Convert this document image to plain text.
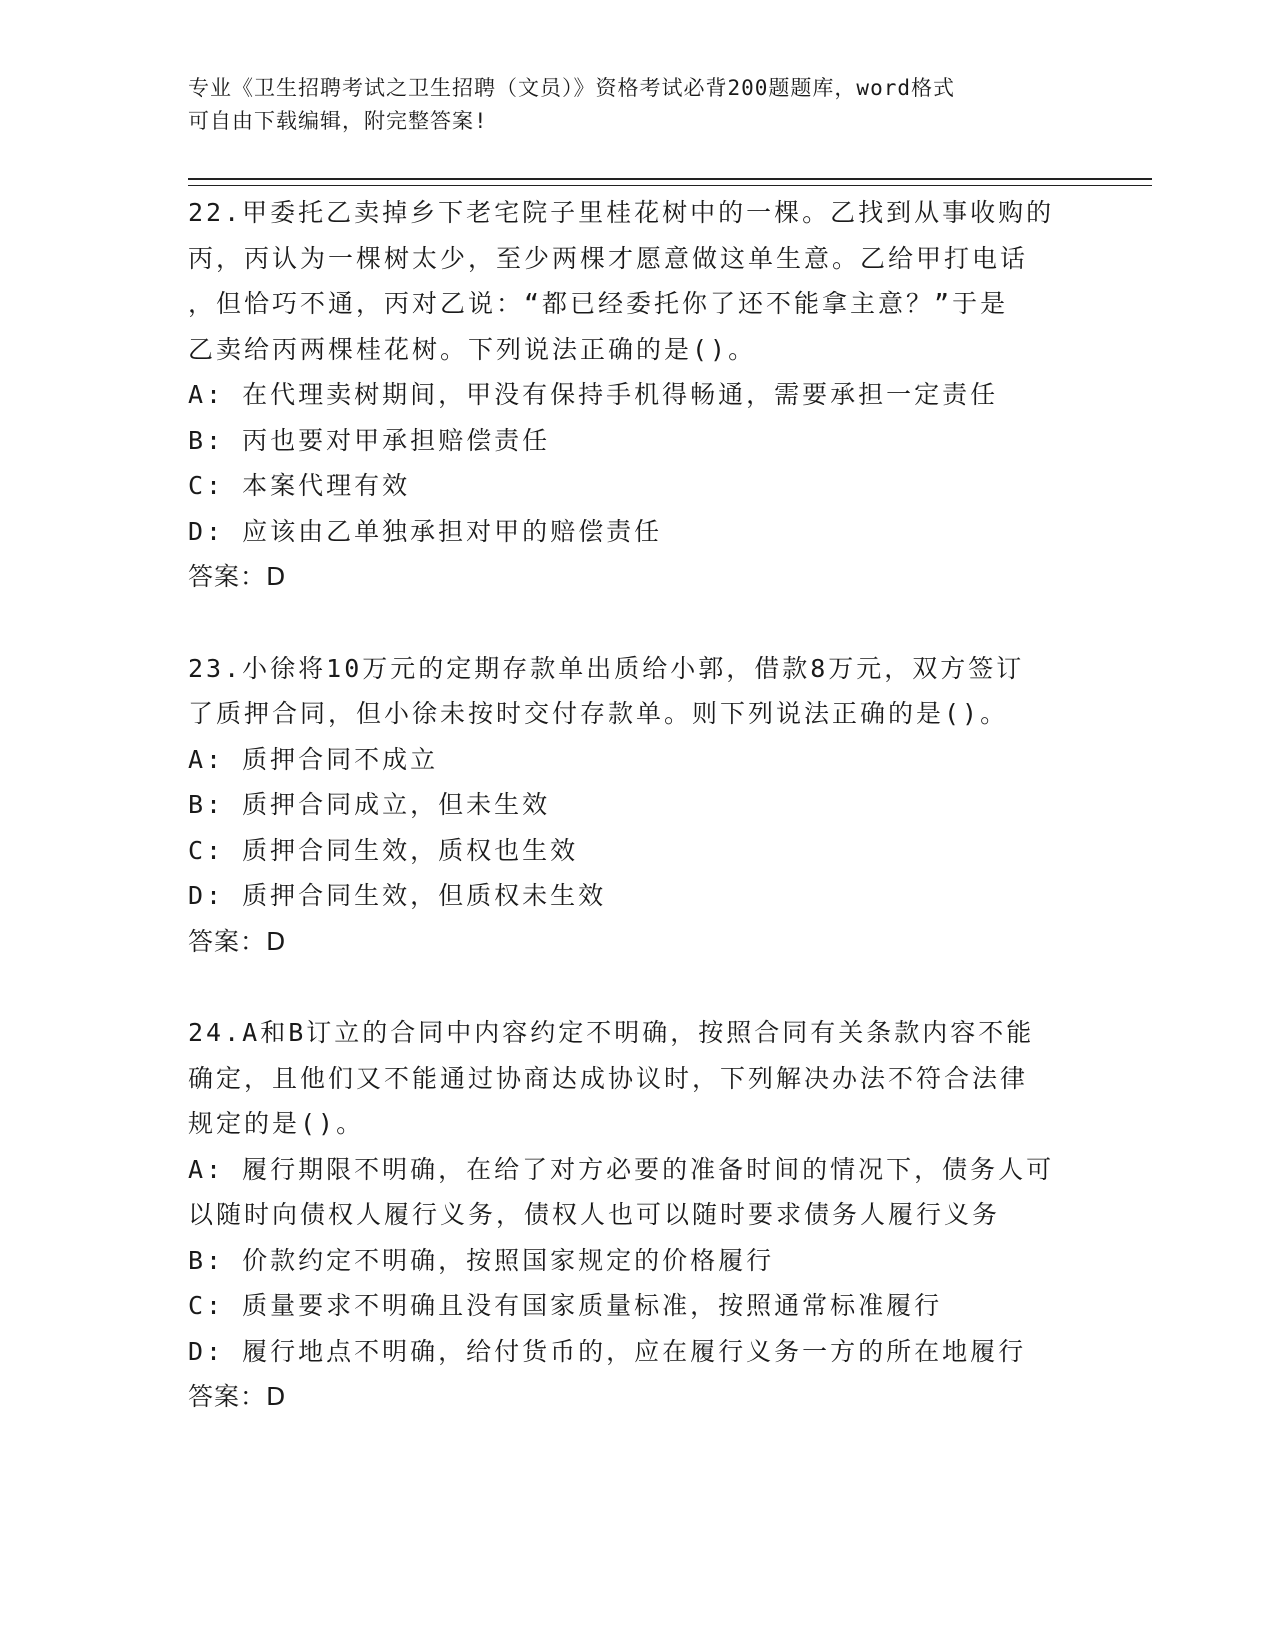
专业《卫生招聘考试之卫生招聘（文员）》资格考试必背200题题库，word格式
可自由下载编辑，附完整答案!
22.甲委托乙卖掉乡下老宅院子里桂花树中的一棵。乙找到从事收购的
丙，丙认为一棵树太少，至少两棵才愿意做这单生意。乙给甲打电话
，但恰巧不通，丙对乙说：“都已经委托你了还不能拿主意？”于是
乙卖给丙两棵桂花树。下列说法正确的是()。
A: 在代理卖树期间，甲没有保持手机得畅通，需要承担一定责任
B: 丙也要对甲承担赔偿责任
C: 本案代理有效
D: 应该由乙单独承担对甲的赔偿责任
答案：D
23.小徐将10万元的定期存款单出质给小郭，借款8万元，双方签订
了质押合同，但小徐未按时交付存款单。则下列说法正确的是()。
A: 质押合同不成立
B: 质押合同成立，但未生效
C: 质押合同生效，质权也生效
D: 质押合同生效，但质权未生效
答案：D
24.A和B订立的合同中内容约定不明确，按照合同有关条款内容不能
确定，且他们又不能通过协商达成协议时，下列解决办法不符合法律
规定的是()。
A: 履行期限不明确，在给了对方必要的准备时间的情况下，债务人可
以随时向债权人履行义务，债权人也可以随时要求债务人履行义务
B: 价款约定不明确，按照国家规定的价格履行
C: 质量要求不明确且没有国家质量标准，按照通常标准履行
D: 履行地点不明确，给付货币的，应在履行义务一方的所在地履行
答案：D
